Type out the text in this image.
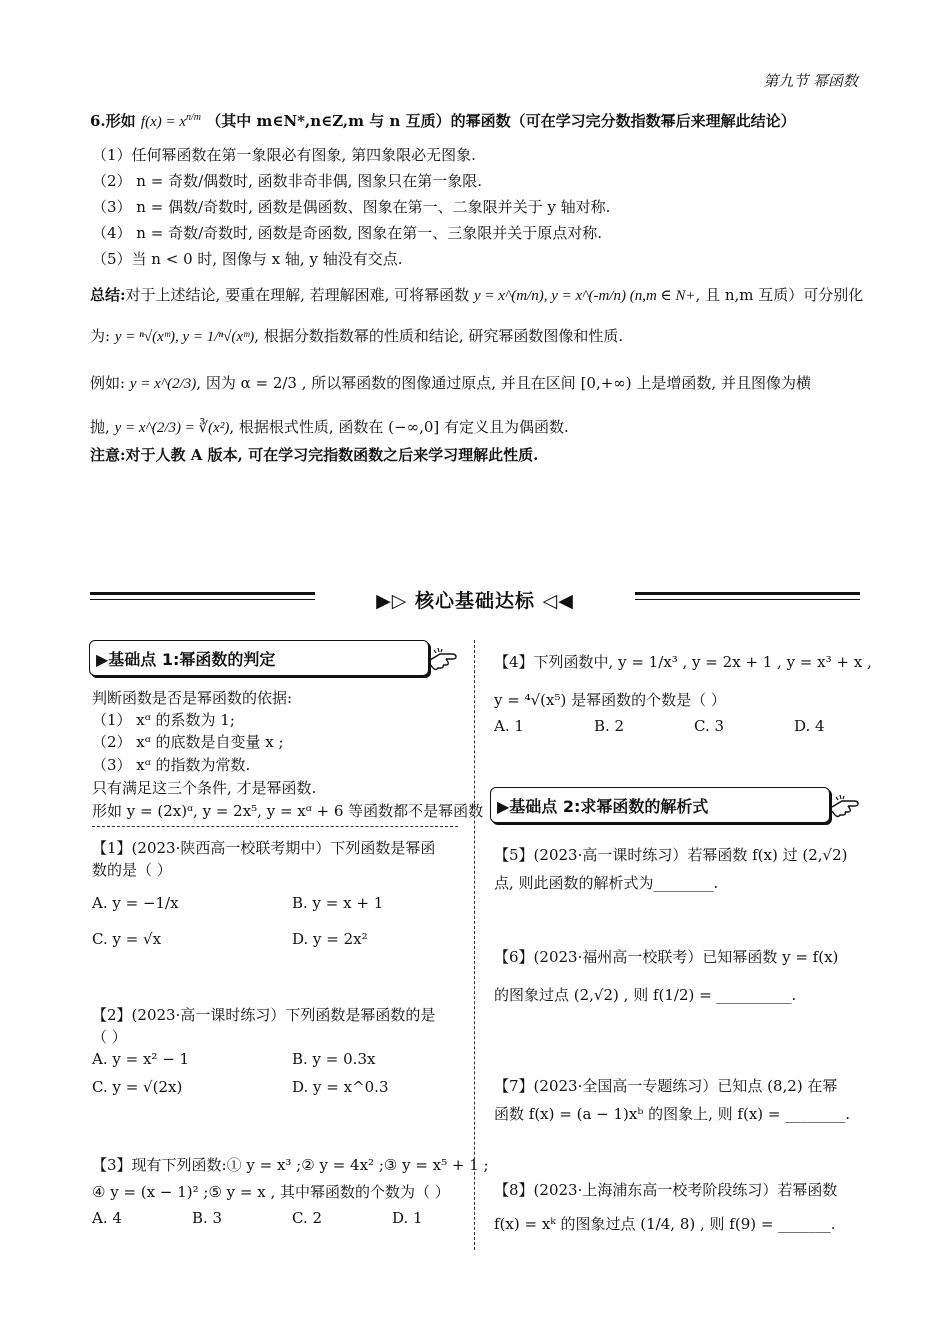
第九节 幂函数
6.形如 $f(x) = x^{n/m}$ （其中 m∈N*,n∈Z,m 与 n 互质）的幂函数（可在学习完分数指数幂后来理解此结论）
（1）任何幂函数在第一象限必有图象, 第四象限必无图象.
（2） n = 奇数/偶数时, 函数非奇非偶, 图象只在第一象限.
（3） n = 偶数/奇数时, 函数是偶函数、图象在第一、二象限并关于 y 轴对称.
（4） n = 奇数/奇数时, 函数是奇函数, 图象在第一、三象限并关于原点对称.
（5）当 n < 0 时, 图像与 x 轴, y 轴没有交点.
总结:对于上述结论, 要重在理解, 若理解困难, 可将幂函数 y = x^(m/n), y = x^(-m/n) (n,m ∈ N+, 且 n,m 互质）可分别化
为: y = ⁿ√(xᵐ), y = 1/ⁿ√(xᵐ), 根据分数指数幂的性质和结论, 研究幂函数图像和性质.
例如: y = x^(2/3), 因为 α = 2/3 , 所以幂函数的图像通过原点, 并且在区间 [0,+∞) 上是增函数, 并且图像为横
抛, y = x^(2/3) = ∛(x²), 根据根式性质, 函数在 (−∞,0] 有定义且为偶函数.
注意:对于人教 A 版本, 可在学习完指数函数之后来学习理解此性质.
▶▷ 核心基础达标 ◁◀
▶基础点 1:幂函数的判定
判断函数是否是幂函数的依据:
（1） xᵅ 的系数为 1;
（2） xᵅ 的底数是自变量 x ;
（3） xᵅ 的指数为常数.
只有满足这三个条件, 才是幂函数.
形如 y = (2x)ᵅ, y = 2x⁵, y = xᵅ + 6 等函数都不是幂函数
【1】(2023·陕西高一校联考期中）下列函数是幂函
数的是（ ）
A. y = −1/x	B. y = x + 1
C. y = √x	D. y = 2x²
【2】(2023·高一课时练习）下列函数是幂函数的是
（ ）
A. y = x² − 1	B. y = 0.3x
C. y = √(2x)	D. y = x^0.3
【3】现有下列函数:① y = x³ ;② y = 4x² ;③ y = x⁵ + 1 ;
④ y = (x − 1)² ;⑤ y = x , 其中幂函数的个数为（ ）
A. 4	B. 3	C. 2	D. 1
【4】下列函数中, y = 1/x³ , y = 2x + 1 , y = x³ + x ,
y = ⁴√(x⁵) 是幂函数的个数是（ ）
A. 1	B. 2	C. 3	D. 4
▶基础点 2:求幂函数的解析式
【5】(2023·高一课时练习）若幂函数 f(x) 过 (2,√2)
点, 则此函数的解析式为________.
【6】(2023·福州高一校联考）已知幂函数 y = f(x)
的图象过点 (2,√2) , 则 f(1/2) = __________.
【7】(2023·全国高一专题练习）已知点 (8,2) 在幂
函数 f(x) = (a − 1)xᵇ 的图象上, 则 f(x) = ________.
【8】(2023·上海浦东高一校考阶段练习）若幂函数
f(x) = xᵏ 的图象过点 (1/4, 8) , 则 f(9) = _______.
